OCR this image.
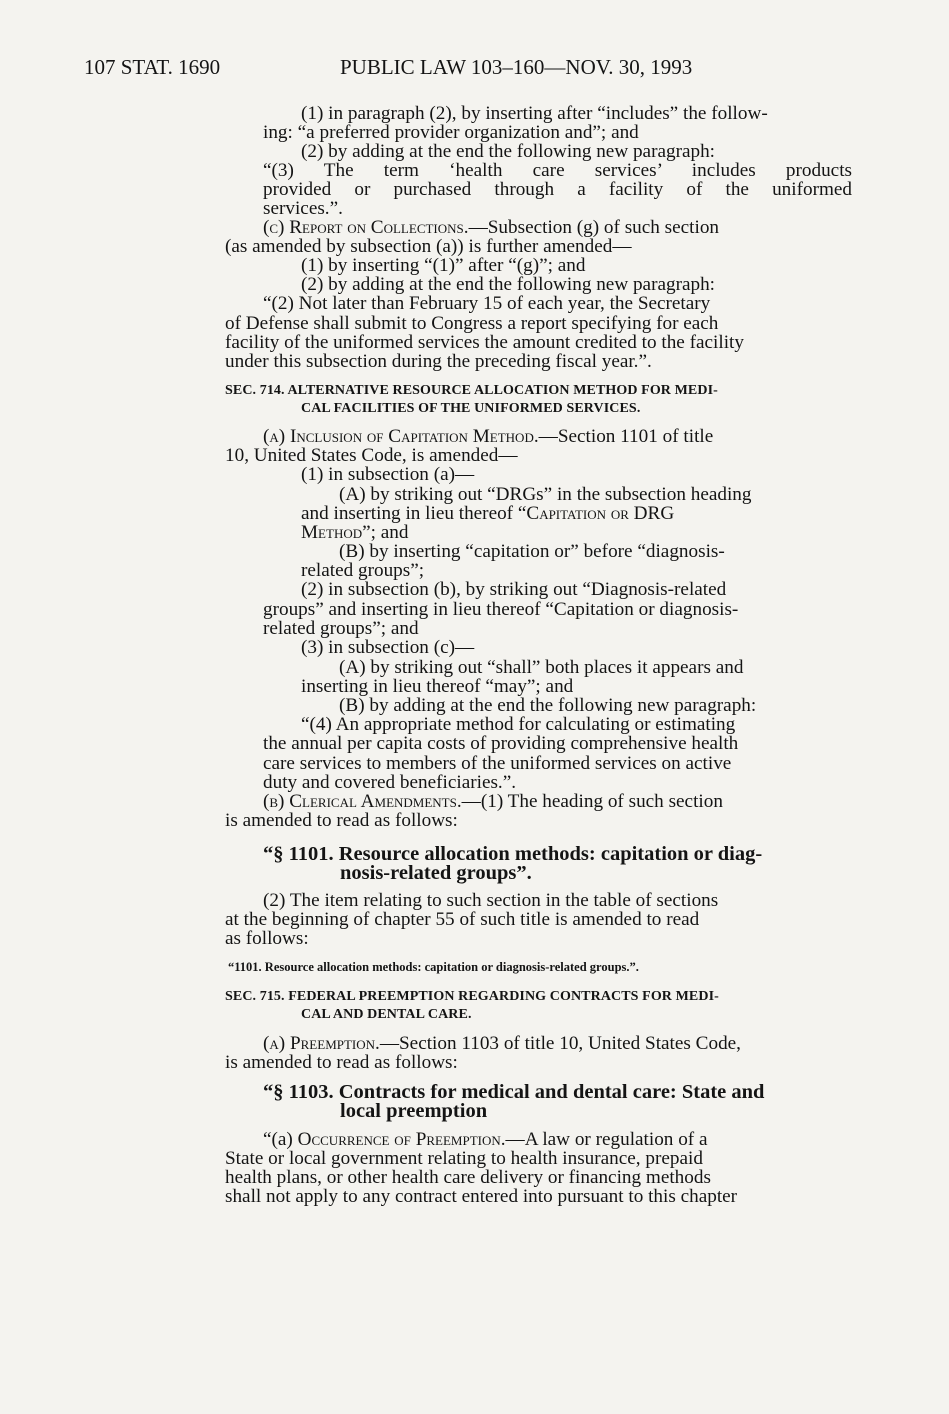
107 STAT. 1690	PUBLIC LAW 103–160—NOV. 30, 1993
(1) in paragraph (2), by inserting after “includes” the follow-
ing: “a preferred provider organization and”; and
(2) by adding at the end the following new paragraph:
“(3) The term ‘health care services’ includes products
provided or purchased through a facility of the uniformed
services.”.
(c) Report on Collections.—Subsection (g) of such section
(as amended by subsection (a)) is further amended—
(1) by inserting “(1)” after “(g)”; and
(2) by adding at the end the following new paragraph:
“(2) Not later than February 15 of each year, the Secretary
of Defense shall submit to Congress a report specifying for each
facility of the uniformed services the amount credited to the facility
under this subsection during the preceding fiscal year.”.
SEC. 714. ALTERNATIVE RESOURCE ALLOCATION METHOD FOR MEDI-
CAL FACILITIES OF THE UNIFORMED SERVICES.
(a) Inclusion of Capitation Method.—Section 1101 of title
10, United States Code, is amended—
(1) in subsection (a)—
(A) by striking out “DRGs” in the subsection heading
and inserting in lieu thereof “Capitation or DRG
Method”; and
(B) by inserting “capitation or” before “diagnosis-
related groups”;
(2) in subsection (b), by striking out “Diagnosis-related
groups” and inserting in lieu thereof “Capitation or diagnosis-
related groups”; and
(3) in subsection (c)—
(A) by striking out “shall” both places it appears and
inserting in lieu thereof “may”; and
(B) by adding at the end the following new paragraph:
“(4) An appropriate method for calculating or estimating
the annual per capita costs of providing comprehensive health
care services to members of the uniformed services on active
duty and covered beneficiaries.”.
(b) Clerical Amendments.—(1) The heading of such section
is amended to read as follows:
“§ 1101. Resource allocation methods: capitation or diag-
nosis-related groups”.
(2) The item relating to such section in the table of sections
at the beginning of chapter 55 of such title is amended to read
as follows:
“1101. Resource allocation methods: capitation or diagnosis-related groups.”.
SEC. 715. FEDERAL PREEMPTION REGARDING CONTRACTS FOR MEDI-
CAL AND DENTAL CARE.
(a) Preemption.—Section 1103 of title 10, United States Code,
is amended to read as follows:
“§ 1103. Contracts for medical and dental care: State and
local preemption
“(a) Occurrence of Preemption.—A law or regulation of a
State or local government relating to health insurance, prepaid
health plans, or other health care delivery or financing methods
shall not apply to any contract entered into pursuant to this chapter
